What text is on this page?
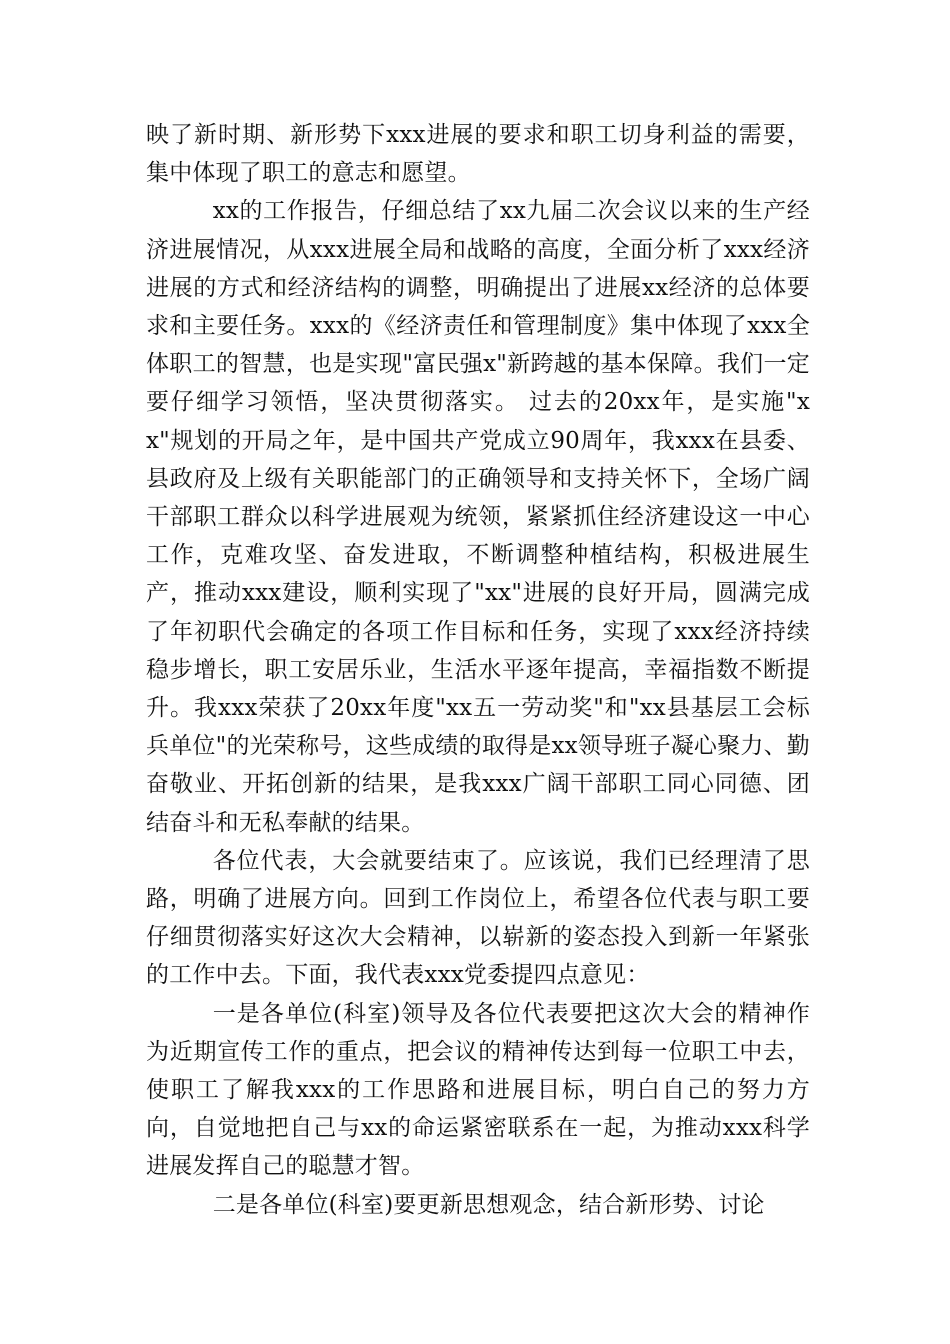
映了新时期、新形势下xxx进展的要求和职工切身利益的需要，集中体现了职工的意志和愿望。

xx的工作报告，仔细总结了xx九届二次会议以来的生产经济进展情况，从xxx进展全局和战略的高度，全面分析了xxx经济进展的方式和经济结构的调整，明确提出了进展xx经济的总体要求和主要任务。xxx的《经济责任和管理制度》集中体现了xxx全体职工的智慧，也是实现"富民强x"新跨越的基本保障。我们一定要仔细学习领悟，坚决贯彻落实。 过去的20xx年，是实施"xx"规划的开局之年，是中国共产党成立90周年，我xxx在县委、县政府及上级有关职能部门的正确领导和支持关怀下，全场广阔干部职工群众以科学进展观为统领，紧紧抓住经济建设这一中心工作，克难攻坚、奋发进取，不断调整种植结构，积极进展生产，推动xxx建设，顺利实现了"xx"进展的良好开局，圆满完成了年初职代会确定的各项工作目标和任务，实现了xxx经济持续稳步增长，职工安居乐业，生活水平逐年提高，幸福指数不断提升。我xxx荣获了20xx年度"xx五一劳动奖"和"xx县基层工会标兵单位"的光荣称号，这些成绩的取得是xx领导班子凝心聚力、勤奋敬业、开拓创新的结果，是我xxx广阔干部职工同心同德、团结奋斗和无私奉献的结果。

各位代表，大会就要结束了。应该说，我们已经理清了思路，明确了进展方向。回到工作岗位上，希望各位代表与职工要仔细贯彻落实好这次大会精神，以崭新的姿态投入到新一年紧张的工作中去。下面，我代表xxx党委提四点意见：

一是各单位(科室)领导及各位代表要把这次大会的精神作为近期宣传工作的重点，把会议的精神传达到每一位职工中去，使职工了解我xxx的工作思路和进展目标，明白自己的努力方向，自觉地把自己与xx的命运紧密联系在一起，为推动xxx科学进展发挥自己的聪慧才智。

二是各单位(科室)要更新思想观念，结合新形势、讨论
